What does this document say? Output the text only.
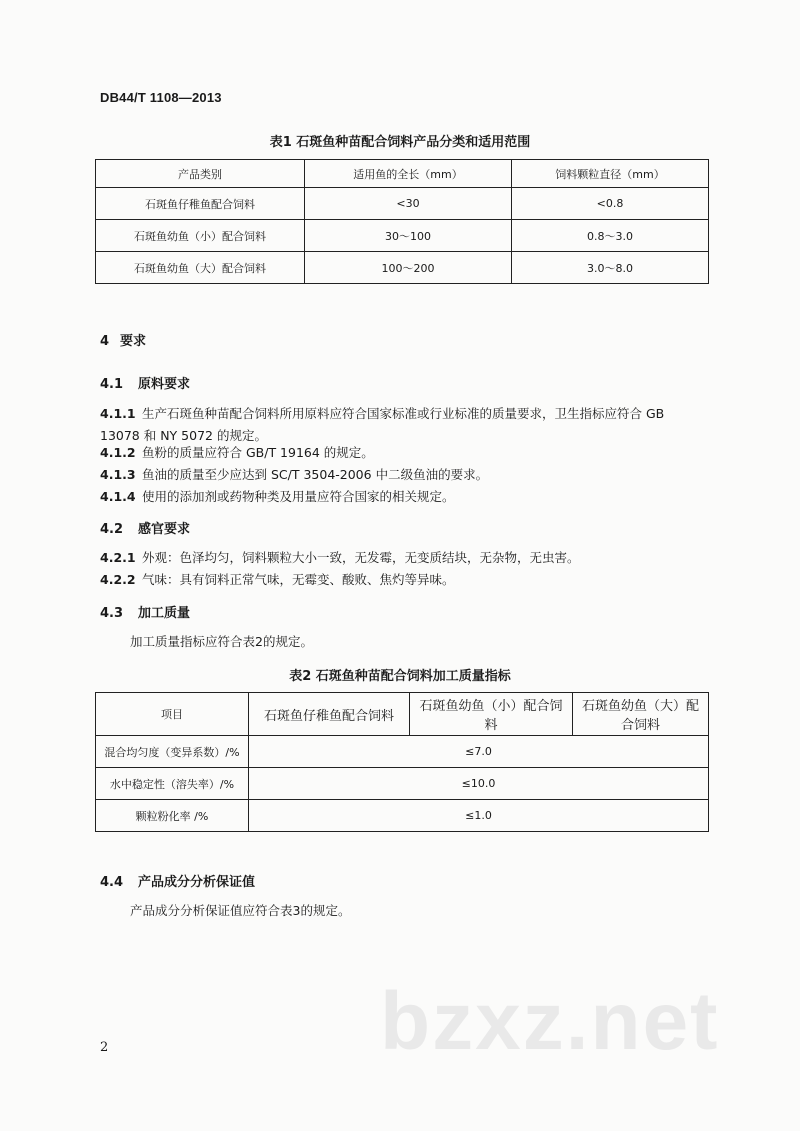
DB44/T 1108—2013
表1 石斑鱼种苗配合饲料产品分类和适用范围
产品类别	适用鱼的全长（mm）	饲料颗粒直径（mm）
石斑鱼仔稚鱼配合饲料	<30	<0.8
石斑鱼幼鱼（小）配合饲料	30～100	0.8～3.0
石斑鱼幼鱼（大）配合饲料	100～200	3.0～8.0
4 要求
4.1 原料要求
4.1.1 生产石斑鱼种苗配合饲料所用原料应符合国家标准或行业标准的质量要求，卫生指标应符合 GB
13078 和 NY 5072 的规定。
4.1.2 鱼粉的质量应符合 GB/T 19164 的规定。
4.1.3 鱼油的质量至少应达到 SC/T 3504-2006 中二级鱼油的要求。
4.1.4 使用的添加剂或药物种类及用量应符合国家的相关规定。
4.2 感官要求
4.2.1 外观：色泽均匀，饲料颗粒大小一致，无发霉，无变质结块，无杂物，无虫害。
4.2.2 气味：具有饲料正常气味，无霉变、酸败、焦灼等异味。
4.3 加工质量
加工质量指标应符合表2的规定。
表2 石斑鱼种苗配合饲料加工质量指标
项目	石斑鱼仔稚鱼配合饲料	石斑鱼幼鱼（小）配合饲料	石斑鱼幼鱼（大）配合饲料
混合均匀度（变异系数）/%	≤7.0		
水中稳定性（溶失率）/%	≤10.0		
颗粒粉化率 /%	≤1.0		
4.4 产品成分分析保证值
产品成分分析保证值应符合表3的规定。
bzxz.net
2
